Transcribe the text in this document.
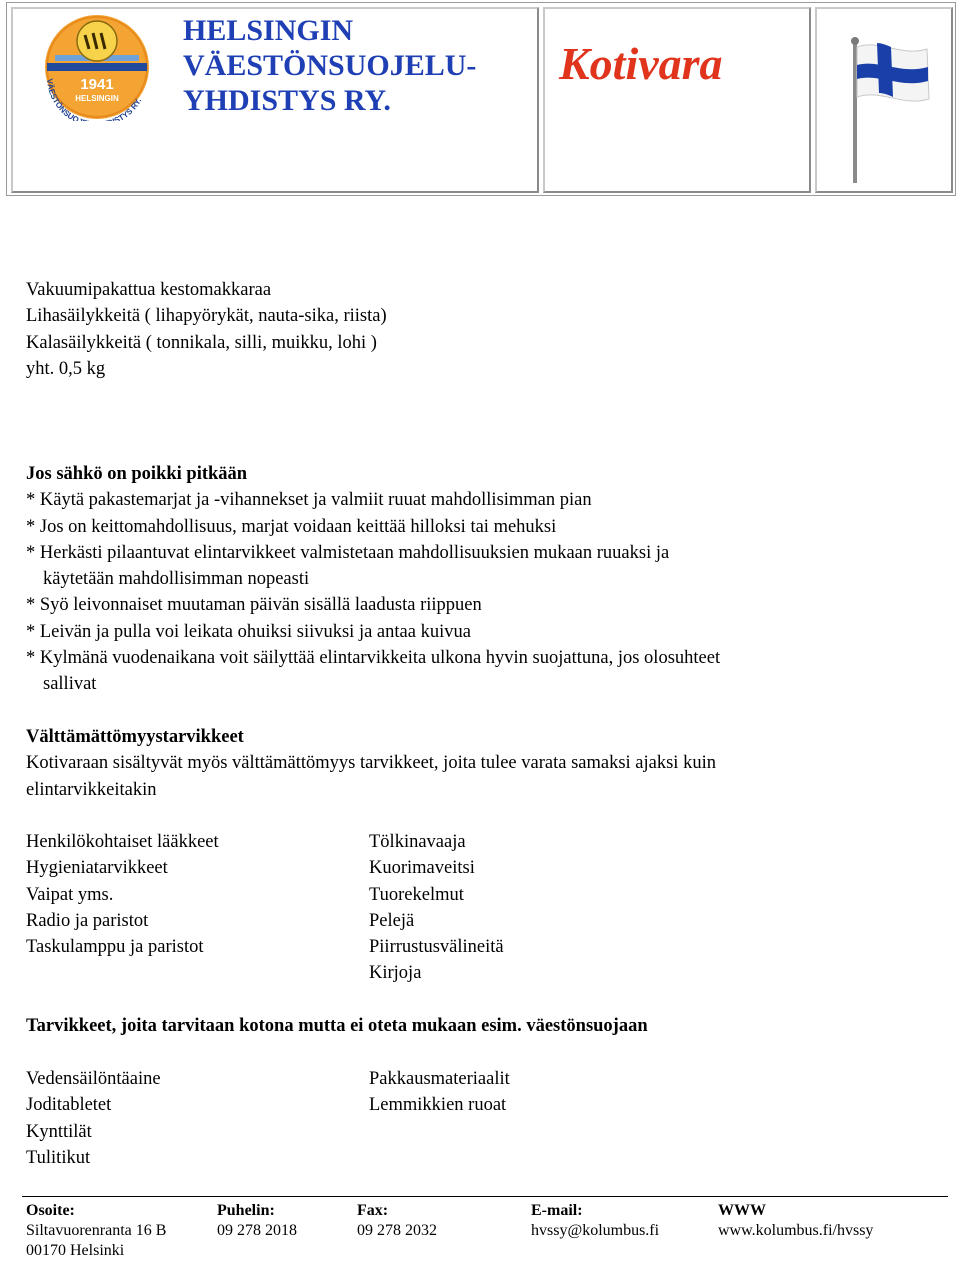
1941
HELSINGIN
VÄESTÖNSUO STYS RY.
HELSINGIN
VÄESTÖNSUOJELU-
YHDISTYS RY.
Kotivara
Vakuumipakattua kestomakkaraa
Lihasäilykkeitä ( lihapyörykät, nauta-sika, riista)
Kalasäilykkeitä ( tonnikala, silli, muikku, lohi )
yht. 0,5 kg
Jos sähkö on poikki pitkään
* Käytä pakastemarjat ja -vihannekset ja valmiit ruuat mahdollisimman pian
* Jos on keittomahdollisuus, marjat voidaan keittää hilloksi tai mehuksi
* Herkästi pilaantuvat elintarvikkeet valmistetaan mahdollisuuksien mukaan ruuaksi ja
käytetään mahdollisimman nopeasti
* Syö leivonnaiset muutaman päivän sisällä laadusta riippuen
* Leivän ja pulla voi leikata ohuiksi siivuksi ja antaa kuivua
* Kylmänä vuodenaikana voit säilyttää elintarvikkeita ulkona hyvin suojattuna, jos olosuhteet
sallivat
Välttämättömyystarvikkeet
Kotivaraan sisältyvät myös välttämättömyys tarvikkeet, joita tulee varata samaksi ajaksi kuin
elintarvikkeitakin
Henkilökohtaiset lääkkeet
Hygieniatarvikkeet
Vaipat yms.
Radio ja paristot
Taskulamppu ja paristot
Tölkinavaaja
Kuorimaveitsi
Tuorekelmut
Pelejä
Piirrustusvälineitä
Kirjoja
Tarvikkeet, joita tarvitaan kotona mutta ei oteta mukaan esim. väestönsuojaan
Vedensäilöntäaine
Joditabletet
Kynttilät
Tulitikut
Pakkausmateriaalit
Lemmikkien ruoat
Osoite:
Siltavuorenranta 16 B
00170 Helsinki
Puhelin:
09 278 2018
Fax:
09 278 2032
E-mail:
hvssy@kolumbus.fi
WWW
www.kolumbus.fi/hvssy
